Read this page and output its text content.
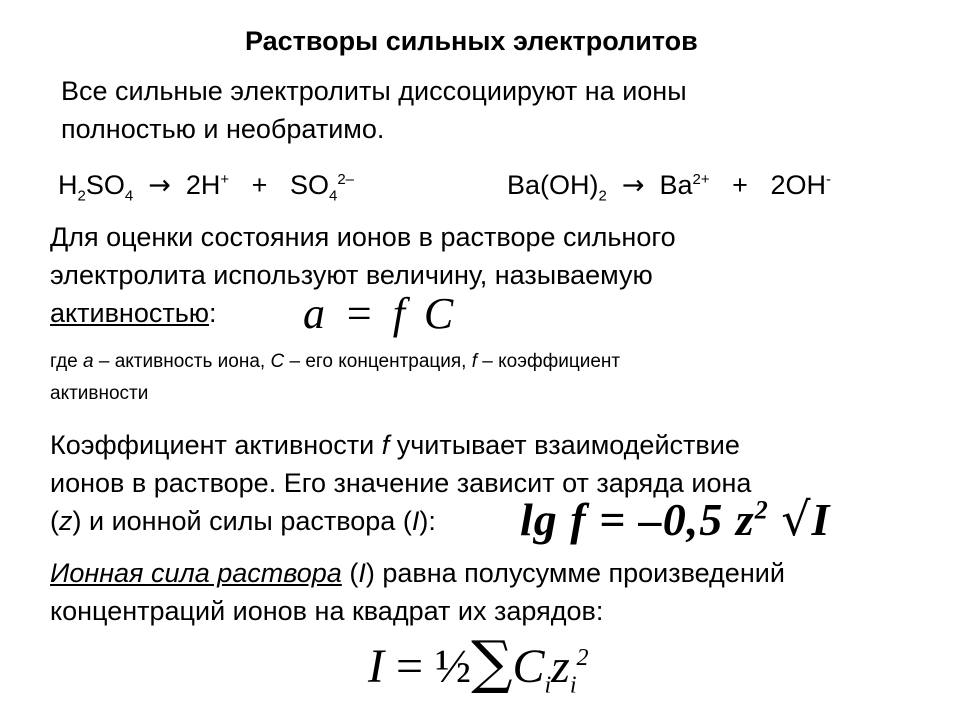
Растворы сильных электролитов
Все сильные электролиты диссоциируют на ионы
полностью и необратимо.
$H_2SO_4 \to 2H^+ + SO_4^{2-}$	$Ba(OH)_2 \to Ba^{2+} + 2OH^-$
Для оценки состояния ионов в растворе сильного
электролита используют величину, называемую
активностью:	a = f C
где а – активность иона, С – его концентрация, f – коэффициент
активности
Коэффициент активности f учитывает взаимодействие
ионов в растворе. Его значение зависит от заряда иона
(z) и ионной силы раствора (I):	lg f = –0,5 $z^2$ √I
Ионная сила раствора (I) равна полусумме произведений
концентраций ионов на квадрат их зарядов:
$I = \frac{1}{2}\sum C_iz_i^2$
